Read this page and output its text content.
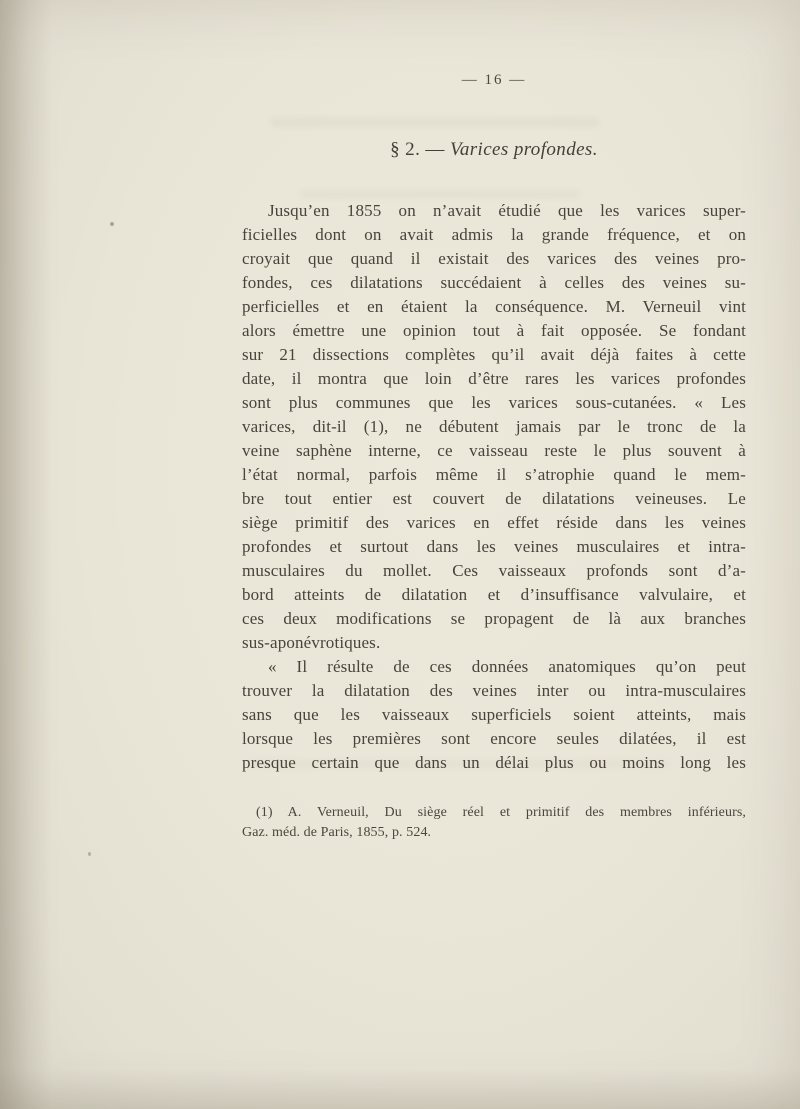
— 16 —
§ 2. — Varices profondes.
Jusqu’en 1855 on n’avait étudié que les varices super-
ficielles dont on avait admis la grande fréquence, et on
croyait que quand il existait des varices des veines pro-
fondes, ces dilatations succédaient à celles des veines su-
perficielles et en étaient la conséquence. M. Verneuil vint
alors émettre une opinion tout à fait opposée. Se fondant
sur 21 dissections complètes qu’il avait déjà faites à cette
date, il montra que loin d’être rares les varices profondes
sont plus communes que les varices sous-cutanées. « Les
varices, dit-il (1), ne débutent jamais par le tronc de la
veine saphène interne, ce vaisseau reste le plus souvent à
l’état normal, parfois même il s’atrophie quand le mem-
bre tout entier est couvert de dilatations veineuses. Le
siège primitif des varices en effet réside dans les veines
profondes et surtout dans les veines musculaires et intra-
musculaires du mollet. Ces vaisseaux profonds sont d’a-
bord atteints de dilatation et d’insuffisance valvulaire, et
ces deux modifications se propagent de là aux branches
sus-aponévrotiques.
« Il résulte de ces données anatomiques qu’on peut
trouver la dilatation des veines inter ou intra-musculaires
sans que les vaisseaux superficiels soient atteints, mais
lorsque les premières sont encore seules dilatées, il est
presque certain que dans un délai plus ou moins long les
(1) A. Verneuil, Du siège réel et primitif des membres inférieurs,
Gaz. méd. de Paris, 1855, p. 524.
